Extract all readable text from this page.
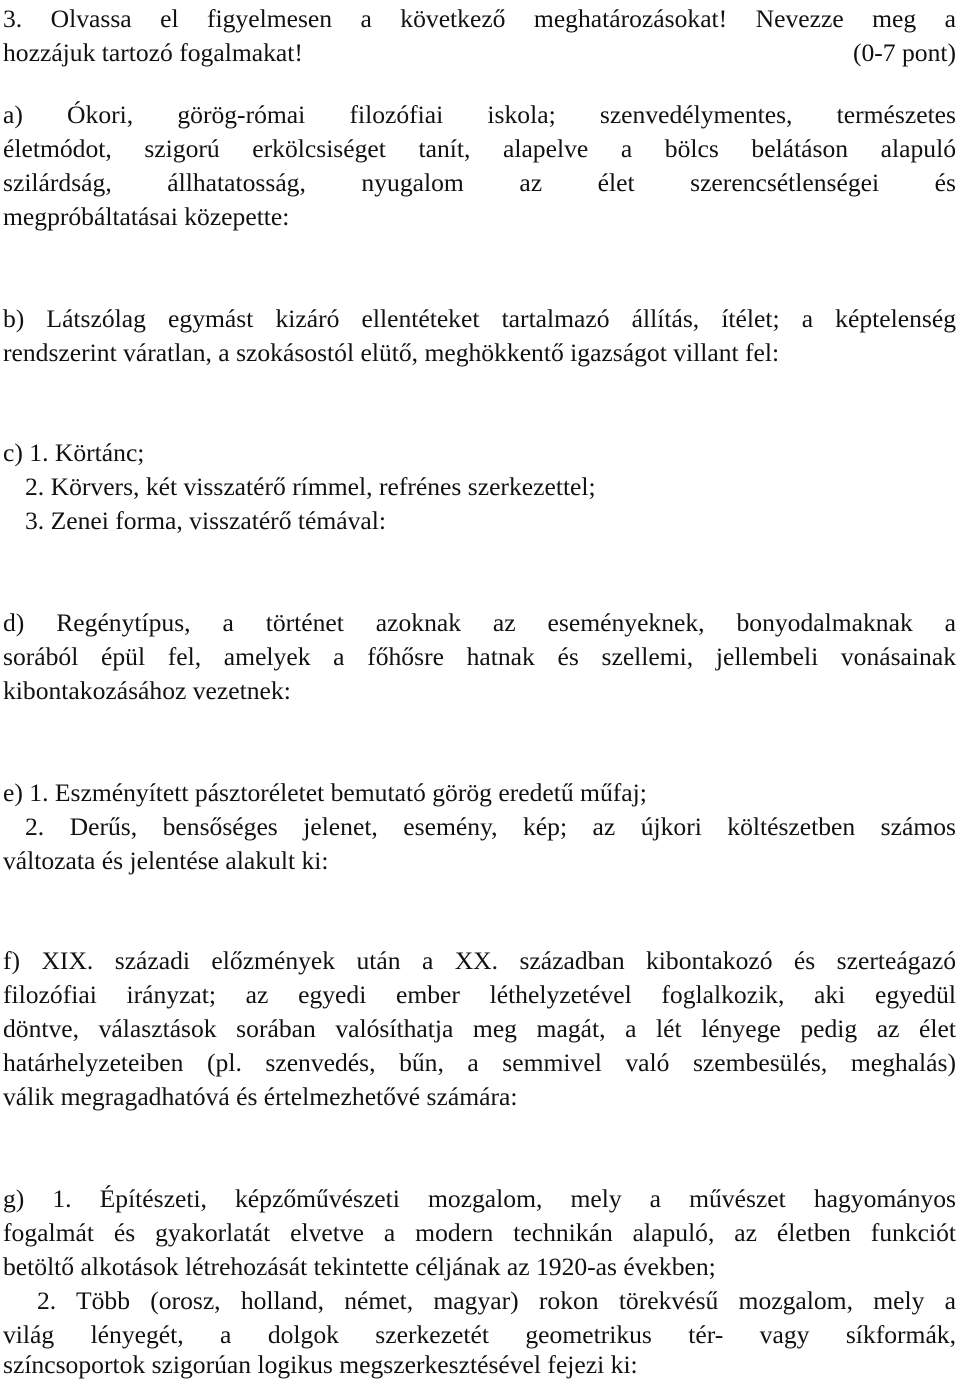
3. Olvassa el figyelmesen a következő meghatározásokat! Nevezze meg a
hozzájuk tartozó fogalmakat!	(0-7 pont)
a) Ókori, görög-római filozófiai iskola; szenvedélymentes, természetes
életmódot, szigorú erkölcsiséget tanít, alapelve a bölcs belátáson alapuló
szilárdság, állhatatosság, nyugalom az élet szerencsétlenségei és
megpróbáltatásai közepette:
b) Látszólag egymást kizáró ellentéteket tartalmazó állítás, ítélet; a képtelenség
rendszerint váratlan, a szokásostól elütő, meghökkentő igazságot villant fel:
c) 1. Körtánc;
2. Körvers, két visszatérő rímmel, refrénes szerkezettel;
3. Zenei forma, visszatérő témával:
d) Regénytípus, a történet azoknak az eseményeknek, bonyodalmaknak a
sorából épül fel, amelyek a főhősre hatnak és szellemi, jellembeli vonásainak
kibontakozásához vezetnek:
e) 1. Eszményített pásztoréletet bemutató görög eredetű műfaj;
2. Derűs, bensőséges jelenet, esemény, kép; az újkori költészetben számos
változata és jelentése alakult ki:
f) XIX. századi előzmények után a XX. században kibontakozó és szerteágazó
filozófiai irányzat; az egyedi ember léthelyzetével foglalkozik, aki egyedül
döntve, választások sorában valósíthatja meg magát, a lét lényege pedig az élet
határhelyzeteiben (pl. szenvedés, bűn, a semmivel való szembesülés, meghalás)
válik megragadhatóvá és értelmezhetővé számára:
g) 1. Építészeti, képzőművészeti mozgalom, mely a művészet hagyományos
fogalmát és gyakorlatát elvetve a modern technikán alapuló, az életben funkciót
betöltő alkotások létrehozását tekintette céljának az 1920-as években;
2. Több (orosz, holland, német, magyar) rokon törekvésű mozgalom, mely a
világ lényegét, a dolgok szerkezetét geometrikus tér- vagy síkformák,
színcsoportok szigorúan logikus megszerkesztésével fejezi ki:
